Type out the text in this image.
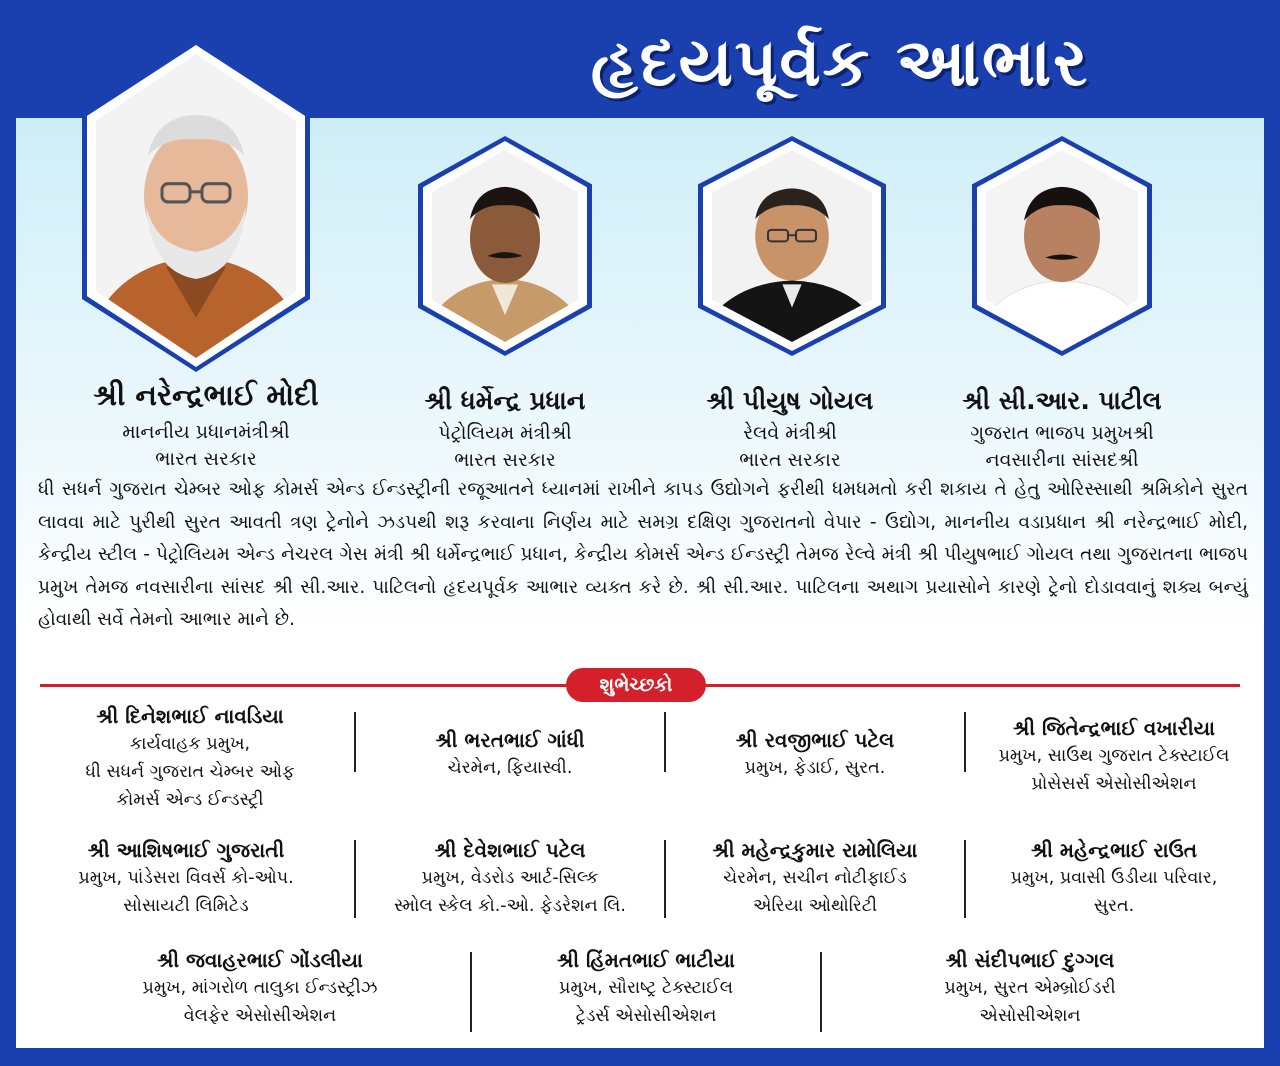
હૃદયપૂર્વક આભાર
શ્રી નરેન્દ્રભાઈ મોદી
માનનીય પ્રધાનમંત્રીશ્રી
ભારત સરકાર
શ્રી ધર્મેન્દ્ર પ્રધાન
પેટ્રોલિયમ મંત્રીશ્રી
ભારત સરકાર
શ્રી પીયુષ ગોયલ
રેલવે મંત્રીશ્રી
ભારત સરકાર
શ્રી સી.આર. પાટીલ
ગુજરાત ભાજપ પ્રમુખશ્રી
નવસારીના સાંસદશ્રી
ધી સધર્ન ગુજરાત ચેમ્બર ઓફ કોમર્સ એન્ડ ઈન્ડસ્ટ્રીની રજૂઆતને ધ્યાનમાં રાખીને કાપડ ઉદ્યોગને ફરીથી ધમધમતો કરી શકાય તે હેતુ ઓરિસ્સાથી શ્રમિકોને સુરત લાવવા માટે પુરીથી સુરત આવતી ત્રણ ટ્રેનોને ઝડપથી શરૂ કરવાના નિર્ણય માટે સમગ્ર દક્ષિણ ગુજરાતનો વેપાર - ઉદ્યોગ, માનનીય વડાપ્રધાન શ્રી નરેન્દ્રભાઈ મોદી, કેન્દ્રીય સ્ટીલ - પેટ્રોલિયમ એન્ડ નેચરલ ગેસ મંત્રી શ્રી ધર્મેન્દ્રભાઈ પ્રધાન, કેન્દ્રીય કોમર્સ એન્ડ ઈન્ડસ્ટ્રી તેમજ રેલ્વે મંત્રી શ્રી પીયુષભાઈ ગોયલ તથા ગુજરાતના ભાજપ પ્રમુખ તેમજ નવસારીના સાંસદ શ્રી સી.આર. પાટિલનો હૃદયપૂર્વક આભાર વ્યક્ત કરે છે. શ્રી સી.આર. પાટિલના અથાગ પ્રયાસોને કારણે ટ્રેનો દોડાવવાનું શક્ય બન્યું હોવાથી સર્વે તેમનો આભાર માને છે.
શુભેચ્છકો
શ્રી દિનેશભાઈ નાવડિયા
કાર્યવાહક પ્રમુખ,
ધી સધર્ન ગુજરાત ચેમ્બર ઓફ
કોમર્સ એન્ડ ઈન્ડસ્ટ્રી
શ્રી ભરતભાઈ ગાંધી
ચેરમેન, ફિયાસ્વી.
શ્રી રવજીભાઈ પટેલ
પ્રમુખ, ફેડાઈ, સુરત.
શ્રી જિતેન્દ્રભાઈ વખારીયા
પ્રમુખ, સાઉથ ગુજરાત ટેક્સ્ટાઈલ
પ્રોસેસર્સ એસોસીએશન
શ્રી આશિષભાઈ ગુજરાતી
પ્રમુખ, પાંડેસરા વિવર્સ કો-ઓપ.
સોસાયટી લિમિટેડ
શ્રી દેવેશભાઈ પટેલ
પ્રમુખ, વેડરોડ આર્ટ-સિલ્ક
સ્મોલ સ્કેલ કો.-ઓ. ફેડરેશન લિ.
શ્રી મહેન્દ્રકુમાર રામોલિયા
ચેરમેન, સચીન નોટીફાઈડ
એરિયા ઓથોરિટી
શ્રી મહેન્દ્રભાઈ રાઉત
પ્રમુખ, પ્રવાસી ઉડીયા પરિવાર,
સુરત.
શ્રી જવાહરભાઈ ગોંડલીયા
પ્રમુખ, માંગરોળ તાલુકા ઈન્ડસ્ટ્રીઝ
વેલફેર એસોસીએશન
શ્રી હિંમતભાઈ ભાટીયા
પ્રમુખ, સૌરાષ્ટ્ર ટેક્સ્ટાઈલ
ટ્રેડર્સ એસોસીએશન
શ્રી સંદીપભાઈ દુગ્ગલ
પ્રમુખ, સુરત એમ્બ્રોઈડરી
એસોસીએશન
